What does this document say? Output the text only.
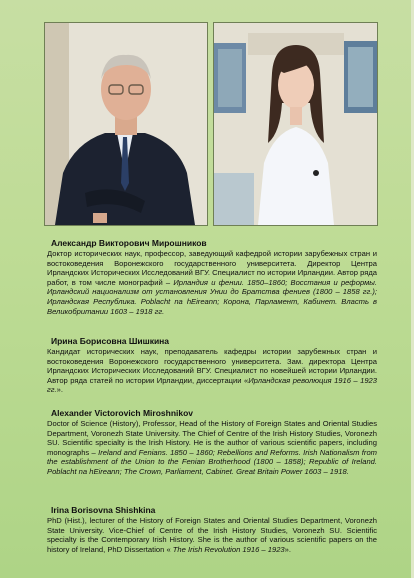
Александр Викторович Мирошников

Доктор исторических наук, профессор, заведующий кафедрой истории зарубежных стран и востоковедения Воронежского государственного университета. Директор Центра Ирландских Исторических Исследований ВГУ. Специалист по истории Ирландии. Автор ряда работ, в том числе монографий – Ирландия и фении. 1850–1860; Восстания и реформы. Ирландский национализм от установления Унии до Братства фениев (1800 – 1858 гг.); Ирландская Республика. Poblacht na hEireann; Корона, Парламент, Кабинет. Власть в Великобритании 1603 – 1918 гг.

Ирина Борисовна Шишкина

Кандидат исторических наук, преподаватель кафедры истории зарубежных стран и востоковедения Воронежского государственного университета. Зам. директора Центра Ирландских Исторических Исследований ВГУ. Специалист по новейшей истории Ирландии. Автор ряда статей по истории Ирландии, диссертации «Ирландская революция 1916 – 1923 гг.».

Alexander Victorovich Miroshnikov

Doctor of Science (History), Professor, Head of the History of Foreign States and Oriental Studies Department, Voronezh State University. The Chief of Centre of the Irish History Studies, Voronezh SU. Scientific specialty is the Irish History. He is the author of various scientific papers, including monographs – Ireland and Fenians. 1850 – 1860; Rebellions and Reforms. Irish Nationalism from the establishment of the Union to the Fenian Brotherhood (1800 – 1858); Republic of Ireland. Poblacht na hEireann; The Crown, Parliament, Cabinet. Great Britain Power 1603 – 1918.

Irina Borisovna Shishkina

PhD (Hist.), lecturer of the History of Foreign States and Oriental Studies Department, Voronezh State University. Vice-Chief of Centre of the Irish History Studies, Voronezh SU. Scientific specialty is the Contemporary Irish History. She is the author of various scientific papers on the history of Ireland, PhD Dissertation « The Irish Revolution 1916 – 1923».
